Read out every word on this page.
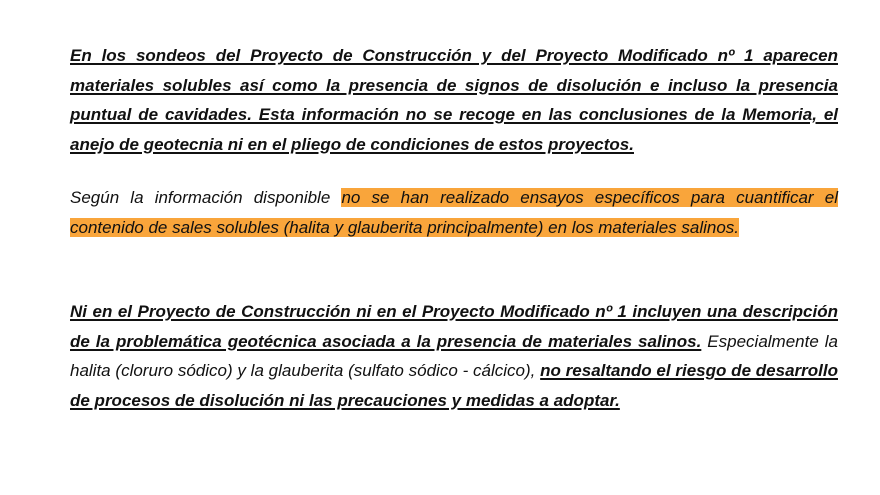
En los sondeos del Proyecto de Construcción y del Proyecto Modificado nº 1 aparecen materiales solubles así como la presencia de signos de disolución e incluso la presencia puntual de cavidades. Esta información no se recoge en las conclusiones de la Memoria, el anejo de geotecnia ni en el pliego de condiciones de estos proyectos.

Según la información disponible no se han realizado ensayos específicos para cuantificar el contenido de sales solubles (halita y glauberita principalmente) en los materiales salinos.

Ni en el Proyecto de Construcción ni en el Proyecto Modificado nº 1 incluyen una descripción de la problemática geotécnica asociada a la presencia de materiales salinos. Especialmente la halita (cloruro sódico) y la glauberita (sulfato sódico - cálcico), no resaltando el riesgo de desarrollo de procesos de disolución ni las precauciones y medidas a adoptar.
